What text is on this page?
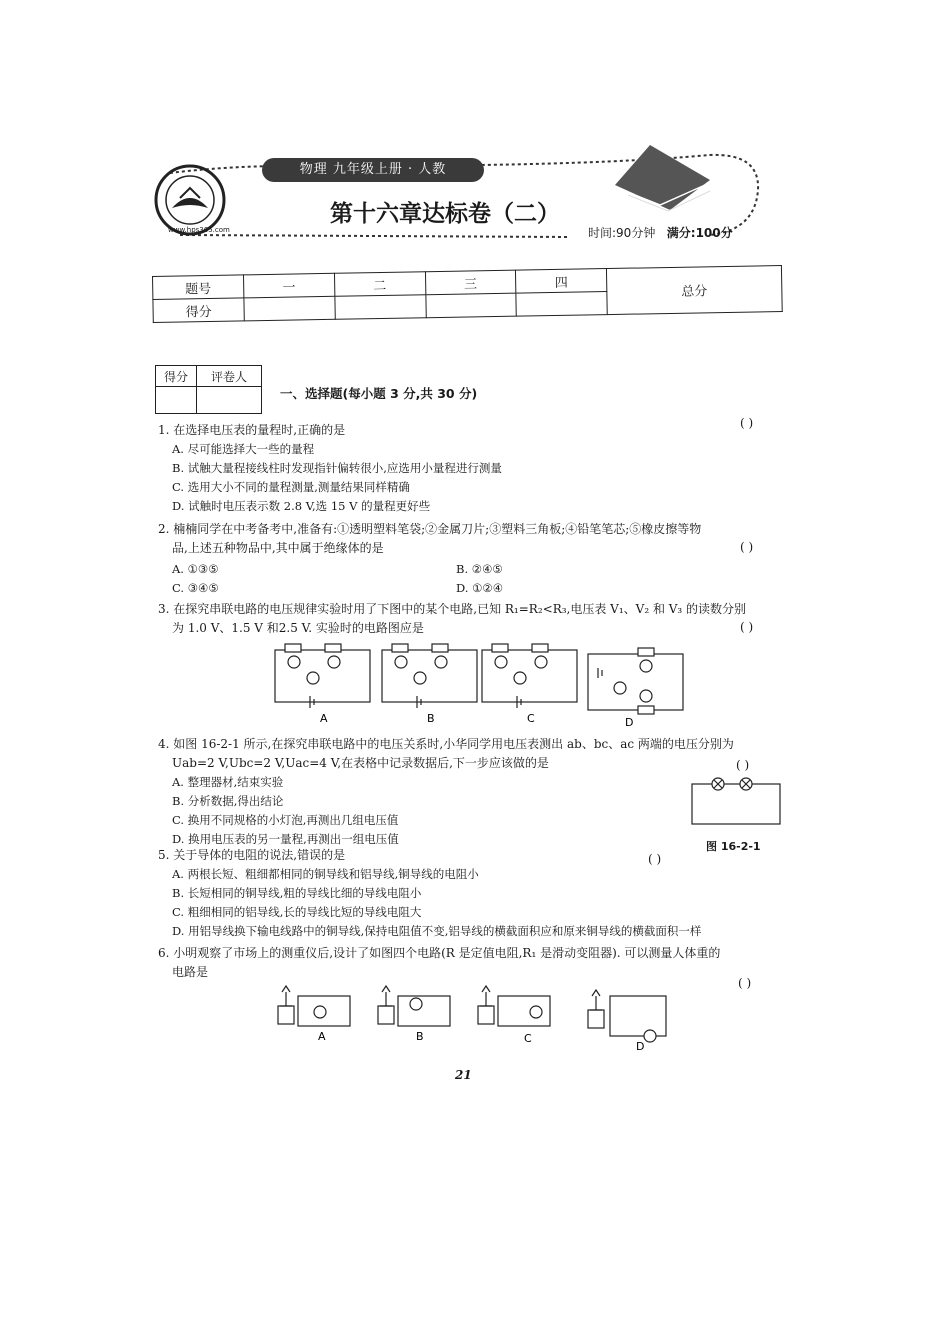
www.hps365.com
物理 九年级上册 · 人教
第十六章达标卷（二）
时间:90分钟 满分:100分
题号	一	二	三	四	总分
得分					
得分	评卷人

一、选择题(每小题 3 分,共 30 分)
1. 在选择电压表的量程时,正确的是
A. 尽可能选择大一些的量程
B. 试触大量程接线柱时发现指针偏转很小,应选用小量程进行测量
C. 选用大小不同的量程测量,测量结果同样精确
D. 试触时电压表示数 2.8 V,选 15 V 的量程更好些
( )
2. 楠楠同学在中考备考中,准备有:①透明塑料笔袋;②金属刀片;③塑料三角板;④铅笔笔芯;⑤橡皮擦等物
品,上述五种物品中,其中属于绝缘体的是	( )
A. ①③⑤	B. ②④⑤
C. ③④⑤	D. ①②④
3. 在探究串联电路的电压规律实验时用了下图中的某个电路,已知 R₁=R₂<R₃,电压表 V₁、V₂ 和 V₃ 的读数分别
为 1.0 V、1.5 V 和2.5 V. 实验时的电路图应是	( )
A	B	C	D
4. 如图 16-2-1 所示,在探究串联电路中的电压关系时,小华同学用电压表测出 ab、bc、ac 两端的电压分别为
Uab=2 V,Ubc=2 V,Uac=4 V,在表格中记录数据后,下一步应该做的是
A. 整理器材,结束实验
B. 分析数据,得出结论
C. 换用不同规格的小灯泡,再测出几组电压值
D. 换用电压表的另一量程,再测出一组电压值
( )
图 16-2-1
5. 关于导体的电阻的说法,错误的是
A. 两根长短、粗细都相同的铜导线和铝导线,铜导线的电阻小
B. 长短相同的铜导线,粗的导线比细的导线电阻小
C. 粗细相同的铝导线,长的导线比短的导线电阻大
D. 用铝导线换下输电线路中的铜导线,保持电阻值不变,铝导线的横截面积应和原来铜导线的横截面积一样
( )
6. 小明观察了市场上的测重仪后,设计了如图四个电路(R 是定值电阻,R₁ 是滑动变阻器). 可以测量人体重的
电路是
( )
A	B	C
D
21
